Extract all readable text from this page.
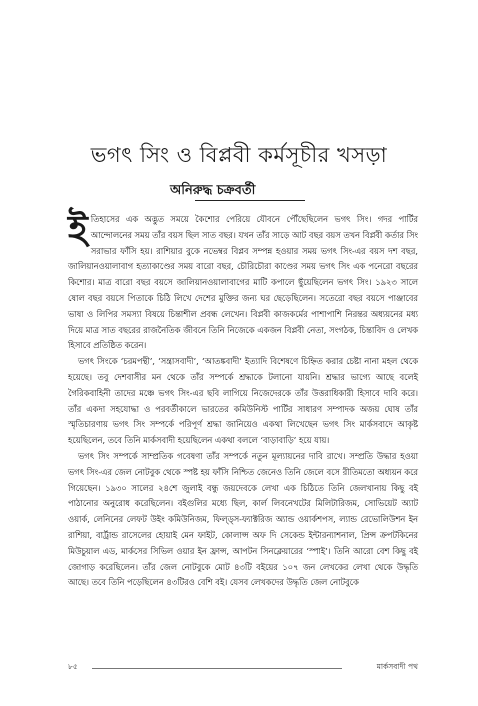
ভগৎ সিং ও বিপ্লবী কর্মসূচীর খসড়া
অনিরুদ্ধ চক্রবর্তী

ইতিহাসের এক অদ্ভুত সময়ে কৈশোর পেরিয়ে যৌবনে পৌঁছেছিলেন ভগৎ সিং। গদর পার্টির আন্দোলনের সময় তাঁর বয়স ছিল সাত বছর। যখন তাঁর সাড়ে আট বছর বয়স তখন বিপ্লবী কর্তার সিং সরাভার ফাঁসি হয়। রাশিয়ার বুকে নভেম্বর বিপ্লব সম্পন্ন হওয়ার সময় ভগৎ সিং-এর বয়স দশ বছর, জালিয়ানওয়ালাবাগ হত্যাকাণ্ডের সময় বারো বছর, চৌরিচৌরা কাণ্ডের সময় ভগৎ সিং এক পনেরো বছরের কিশোর। মাত্র বারো বছর বয়সে জালিয়ানওয়ালাবাগের মাটি কপালে ছুঁয়েছিলেন ভগৎ সিং। ১৯২৩ সালে ষোল বছর বয়সে পিতাকে চিঠি লিখে দেশের মুক্তির জন্য ঘর ছেড়েছিলেন। সতেরো বছর বয়সে পাঞ্জাবের ভাষা ও লিপির সমস্যা বিষয়ে চিন্তাশীল প্রবন্ধ লেখেন। বিপ্লবী কাজকর্মের পাশাপাশি নিরন্তর অধ্যয়নের মধ্য দিয়ে মাত্র সাত বছরের রাজনৈতিক জীবনে তিনি নিজেকে একজন বিপ্লবী নেতা, সংগঠক, চিন্তাবিদ ও লেখক হিসাবে প্রতিষ্ঠিত করেন।

ভগৎ সিংকে ‘চরমপন্থী’, ‘সন্ত্রাসবাদী’, ‘আতঙ্কবাদী’ ইত্যাদি বিশেষণে চিহ্নিত করার চেষ্টা নানা মহল থেকে হয়েছে। তবু দেশবাসীর মন থেকে তাঁর সম্পর্কে শ্রদ্ধাকে টলানো যায়নি। শ্রদ্ধার ভাগ্যে আছে বলেই গৈরিকবাহিনী তাদের মঞ্চে ভগৎ সিং-এর ছবি লাগিয়ে নিজেদেরকে তাঁর উত্তরাধিকারী হিসাবে দাবি করে। তাঁর একদা সহযোদ্ধা ও পরবর্তীকালে ভারতের কমিউনিস্ট পার্টির সাধারণ সম্পাদক অজয় ঘোষ তাঁর স্মৃতিচারণায় ভগৎ সিং সম্পর্কে পরিপূর্ণ শ্রদ্ধা জানিয়েও একথা লিখেছেন ভগৎ সিং মার্কসবাদে আকৃষ্ট হয়েছিলেন, তবে তিনি মার্কসবাদী হয়েছিলেন একথা বললে ‘বাড়াবাড়ি’ হয়ে যায়।

ভগৎ সিং সম্পর্কে সাম্প্রতিক গবেষণা তাঁর সম্পর্কে নতুন মূল্যায়নের দাবি রাখে। সম্প্রতি উদ্ধার হওয়া ভগৎ সিং-এর জেল নোটবুক থেকে স্পষ্ট হয় ফাঁসি নিশ্চিত জেনেও তিনি জেলে বসে রীতিমতো অধ্যয়ন করে গিয়েছেন। ১৯৩০ সালের ২৪শে জুলাই বন্ধু জয়দেবকে লেখা এক চিঠিতে তিনি জেলখানায় কিছু বই পাঠানোর অনুরোধ করেছিলেন। বইগুলির মধ্যে ছিল, কার্ল লিবনেখটের মিলিটারিজম, সোভিয়েট অ্যাট ওয়ার্ক, লেনিনের লেফট উইং কমিউনিজম, ফিল্ড্‌স-ফ্যাক্টরিজ অ্যান্ড ওয়ার্কশপস, ল্যান্ড রেভোলিউশন ইন রাশিয়া, বার্ট্রান্ড রাসেলের হোয়াই মেন ফাইট, কোলাপ্স অফ দি সেকেন্ড ইন্টারন্যাশনাল, প্রিন্স ক্রপটকিনের মিউচুয়াল এড, মার্কসের সিভিল ওয়ার ইন ফ্রান্স, আপটন সিনক্লেয়ারের ‘স্পাই’। তিনি আরো বেশ কিছু বই জোগাড় করেছিলেন। তাঁর জেল নোটবুকে মোট ৪৩টি বইয়ের ১০৭ জন লেখকের লেখা থেকে উদ্ধৃতি আছে। তবে তিনি পড়েছিলেন ৪৩টিরও বেশি বই। যেসব লেখকদের উদ্ধৃতি জেল নোটবুকে

৮৫	মার্কসবাদী পথ
